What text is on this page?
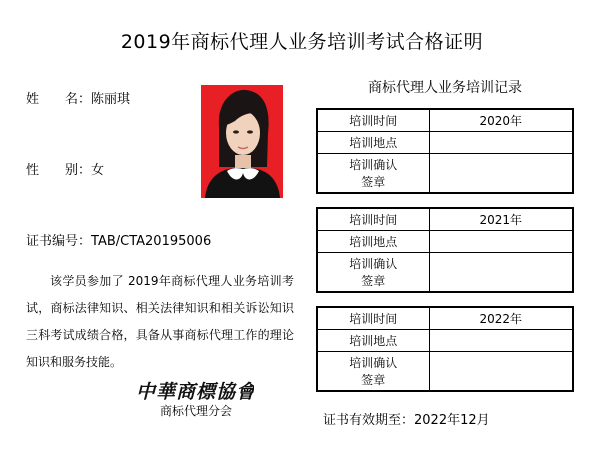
2019年商标代理人业务培训考试合格证明
姓　　名：陈丽琪
性　　别：女
证书编号：TAB/CTA20195006
该学员参加了 2019年商标代理人业务培训考试，商标法律知识、相关法律知识和相关诉讼知识三科考试成绩合格，具备从事商标代理工作的理论知识和服务技能。
中華商標協會
商标代理分会
商标代理人业务培训记录
培训时间	2020年
培训地点	
培训确认
签章	
培训时间	2021年
培训地点	
培训确认
签章	
培训时间	2022年
培训地点	
培训确认
签章	
证书有效期至：2022年12月
